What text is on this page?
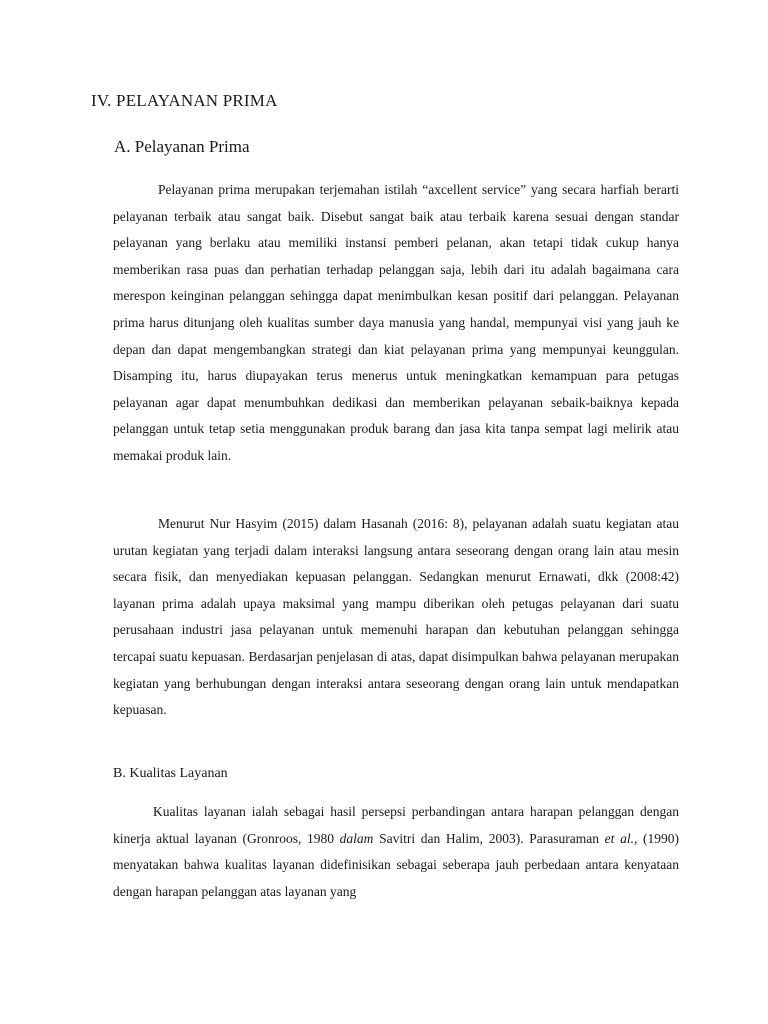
IV. PELAYANAN PRIMA
A. Pelayanan Prima

Pelayanan prima merupakan terjemahan istilah “axcellent service” yang secara harfiah berarti pelayanan terbaik atau sangat baik. Disebut sangat baik atau terbaik karena sesuai dengan standar pelayanan yang berlaku atau memiliki instansi pemberi pelanan, akan tetapi tidak cukup hanya memberikan rasa puas dan perhatian terhadap pelanggan saja, lebih dari itu adalah bagaimana cara merespon keinginan pelanggan sehingga dapat menimbulkan kesan positif dari pelanggan. Pelayanan prima harus ditunjang oleh kualitas sumber daya manusia yang handal, mempunyai visi yang jauh ke depan dan dapat mengembangkan strategi dan kiat pelayanan prima yang mempunyai keunggulan. Disamping itu, harus diupayakan terus menerus untuk meningkatkan kemampuan para petugas pelayanan agar dapat menumbuhkan dedikasi dan memberikan pelayanan sebaik-baiknya kepada pelanggan untuk tetap setia menggunakan produk barang dan jasa kita tanpa sempat lagi melirik atau memakai produk lain.

Menurut Nur Hasyim (2015) dalam Hasanah (2016: 8), pelayanan adalah suatu kegiatan atau urutan kegiatan yang terjadi dalam interaksi langsung antara seseorang dengan orang lain atau mesin secara fisik, dan menyediakan kepuasan pelanggan. Sedangkan menurut Ernawati, dkk (2008:42) layanan prima adalah upaya maksimal yang mampu diberikan oleh petugas pelayanan dari suatu perusahaan industri jasa pelayanan untuk memenuhi harapan dan kebutuhan pelanggan sehingga tercapai suatu kepuasan. Berdasarjan penjelasan di atas, dapat disimpulkan bahwa pelayanan merupakan kegiatan yang berhubungan dengan interaksi antara seseorang dengan orang lain untuk mendapatkan kepuasan.

B. Kualitas Layanan

Kualitas layanan ialah sebagai hasil persepsi perbandingan antara harapan pelanggan dengan kinerja aktual layanan (Gronroos, 1980 dalam Savitri dan Halim, 2003). Parasuraman et al., (1990) menyatakan bahwa kualitas layanan didefinisikan sebagai seberapa jauh perbedaan antara kenyataan dengan harapan pelanggan atas layanan yang
